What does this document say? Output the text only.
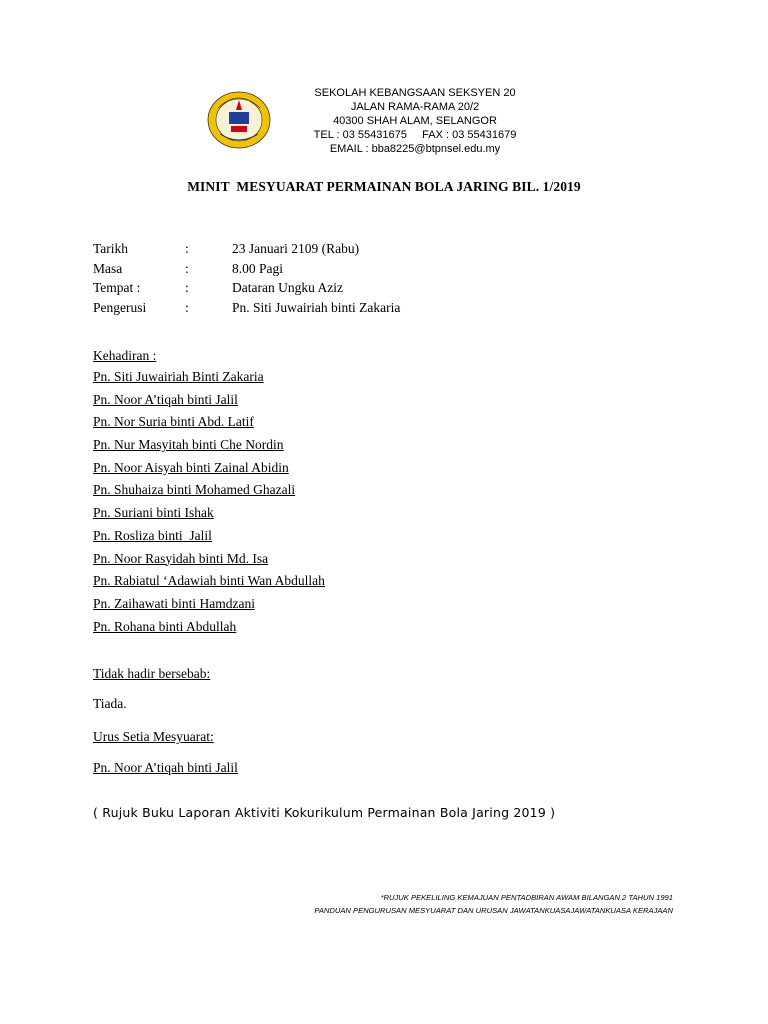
SEKOLAH KEBANGSAAN SEKSYEN 20
JALAN RAMA-RAMA 20/2
40300 SHAH ALAM, SELANGOR
TEL : 03 55431675     FAX : 03 55431679
EMAIL : bba8225@btpnsel.edu.my
MINIT  MESYUARAT PERMAINAN BOLA JARING BIL. 1/2019
Tarikh	:	23 Januari 2109 (Rabu)
Masa	:	8.00 Pagi
Tempat :	:	Dataran Ungku Aziz
Pengerusi	:	Pn. Siti Juwairiah binti Zakaria
Kehadiran :
Pn. Siti Juwairiah Binti Zakaria
Pn. Noor A’tiqah binti Jalil
Pn. Nor Suria binti Abd. Latif
Pn. Nur Masyitah binti Che Nordin
Pn. Noor Aisyah binti Zainal Abidin
Pn. Shuhaiza binti Mohamed Ghazali
Pn. Suriani binti Ishak
Pn. Rosliza binti  Jalil
Pn. Noor Rasyidah binti Md. Isa
Pn. Rabiatul ‘Adawiah binti Wan Abdullah
Pn. Zaihawati binti Hamdzani
Pn. Rohana binti Abdullah
Tidak hadir bersebab:
Tiada.
Urus Setia Mesyuarat:
Pn. Noor A’tiqah binti Jalil
( Rujuk Buku Laporan Aktiviti Kokurikulum Permainan Bola Jaring 2019 )
*RUJUK PEKELILING KEMAJUAN PENTADBIRAN AWAM BILANGAN 2 TAHUN 1991
PANDUAN PENGURUSAN MESYUARAT DAN URUSAN JAWATANKUASAJAWATANKUASA KERAJAAN
